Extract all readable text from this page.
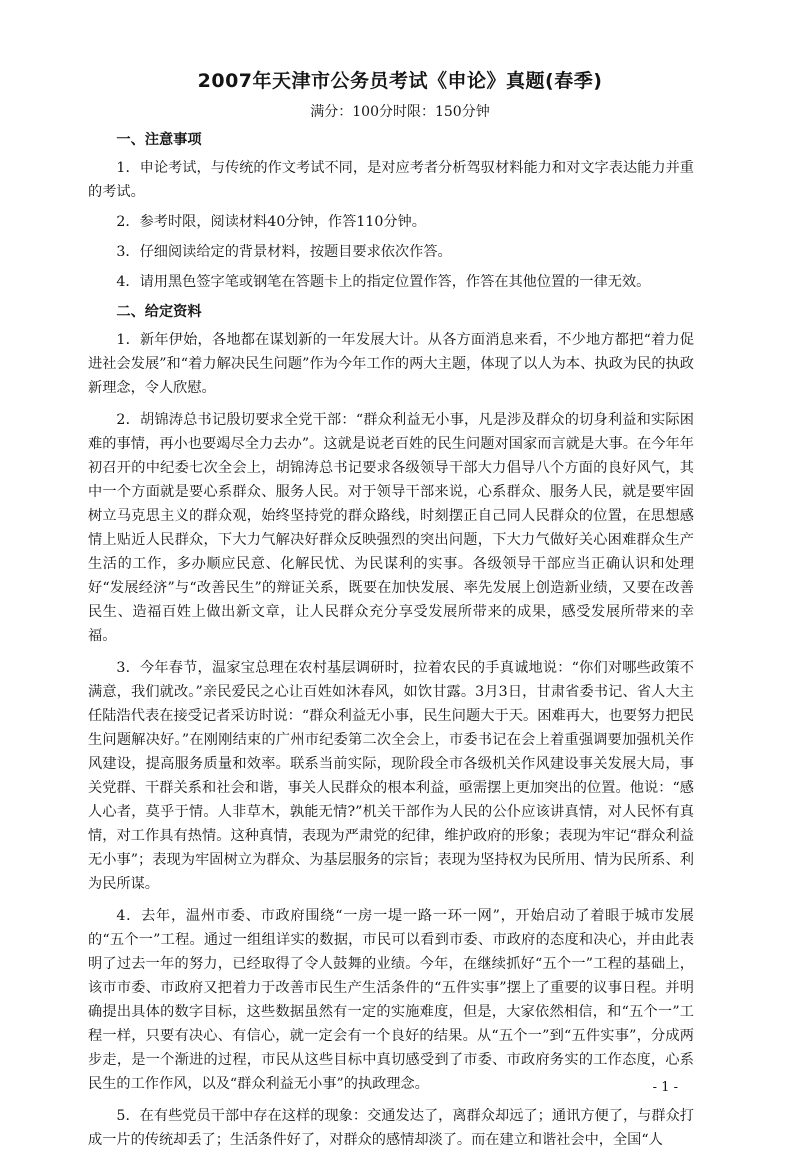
2007年天津市公务员考试《申论》真题(春季)
满分：100分时限：150分钟
一、注意事项

1．申论考试，与传统的作文考试不同，是对应考者分析驾驭材料能力和对文字表达能力并重的考试。

2．参考时限，阅读材料40分钟，作答110分钟。

3．仔细阅读给定的背景材料，按题目要求依次作答。

4．请用黑色签字笔或钢笔在答题卡上的指定位置作答，作答在其他位置的一律无效。

二、给定资料

1．新年伊始，各地都在谋划新的一年发展大计。从各方面消息来看，不少地方都把“着力促进社会发展”和“着力解决民生问题”作为今年工作的两大主题，体现了以人为本、执政为民的执政新理念，令人欣慰。

2．胡锦涛总书记殷切要求全党干部：“群众利益无小事，凡是涉及群众的切身利益和实际困难的事情，再小也要竭尽全力去办”。这就是说老百姓的民生问题对国家而言就是大事。在今年年初召开的中纪委七次全会上，胡锦涛总书记要求各级领导干部大力倡导八个方面的良好风气，其中一个方面就是要心系群众、服务人民。对于领导干部来说，心系群众、服务人民，就是要牢固树立马克思主义的群众观，始终坚持党的群众路线，时刻摆正自己同人民群众的位置，在思想感情上贴近人民群众，下大力气解决好群众反映强烈的突出问题，下大力气做好关心困难群众生产生活的工作，多办顺应民意、化解民忧、为民谋利的实事。各级领导干部应当正确认识和处理好“发展经济”与“改善民生”的辩证关系，既要在加快发展、率先发展上创造新业绩，又要在改善民生、造福百姓上做出新文章，让人民群众充分享受发展所带来的成果，感受发展所带来的幸福。

3．今年春节，温家宝总理在农村基层调研时，拉着农民的手真诚地说：“你们对哪些政策不满意，我们就改。”亲民爱民之心让百姓如沐春风，如饮甘露。3月3日，甘肃省委书记、省人大主任陆浩代表在接受记者采访时说：“群众利益无小事，民生问题大于天。困难再大，也要努力把民生问题解决好。”在刚刚结束的广州市纪委第二次全会上，市委书记在会上着重强调要加强机关作风建设，提高服务质量和效率。联系当前实际，现阶段全市各级机关作风建设事关发展大局，事关党群、干群关系和社会和谐，事关人民群众的根本利益，亟需摆上更加突出的位置。他说：“感人心者，莫乎于情。人非草木，孰能无情?”机关干部作为人民的公仆应该讲真情，对人民怀有真情，对工作具有热情。这种真情，表现为严肃党的纪律，维护政府的形象；表现为牢记“群众利益无小事”；表现为牢固树立为群众、为基层服务的宗旨；表现为坚持权为民所用、情为民所系、利为民所谋。

4．去年，温州市委、市政府围绕“一房一堤一路一环一网”，开始启动了着眼于城市发展的“五个一”工程。通过一组组详实的数据，市民可以看到市委、市政府的态度和决心，并由此表明了过去一年的努力，已经取得了令人鼓舞的业绩。今年，在继续抓好“五个一”工程的基础上，该市市委、市政府又把着力于改善市民生产生活条件的“五件实事”摆上了重要的议事日程。并明确提出具体的数字目标，这些数据虽然有一定的实施难度，但是，大家依然相信，和“五个一”工程一样，只要有决心、有信心，就一定会有一个良好的结果。从“五个一”到“五件实事”，分成两步走，是一个渐进的过程，市民从这些目标中真切感受到了市委、市政府务实的工作态度，心系民生的工作作风，以及“群众利益无小事”的执政理念。

5．在有些党员干部中存在这样的现象：交通发达了，离群众却远了；通讯方便了，与群众打成一片的传统却丢了；生活条件好了，对群众的感情却淡了。而在建立和谐社会中，全国“人

- 1 -
